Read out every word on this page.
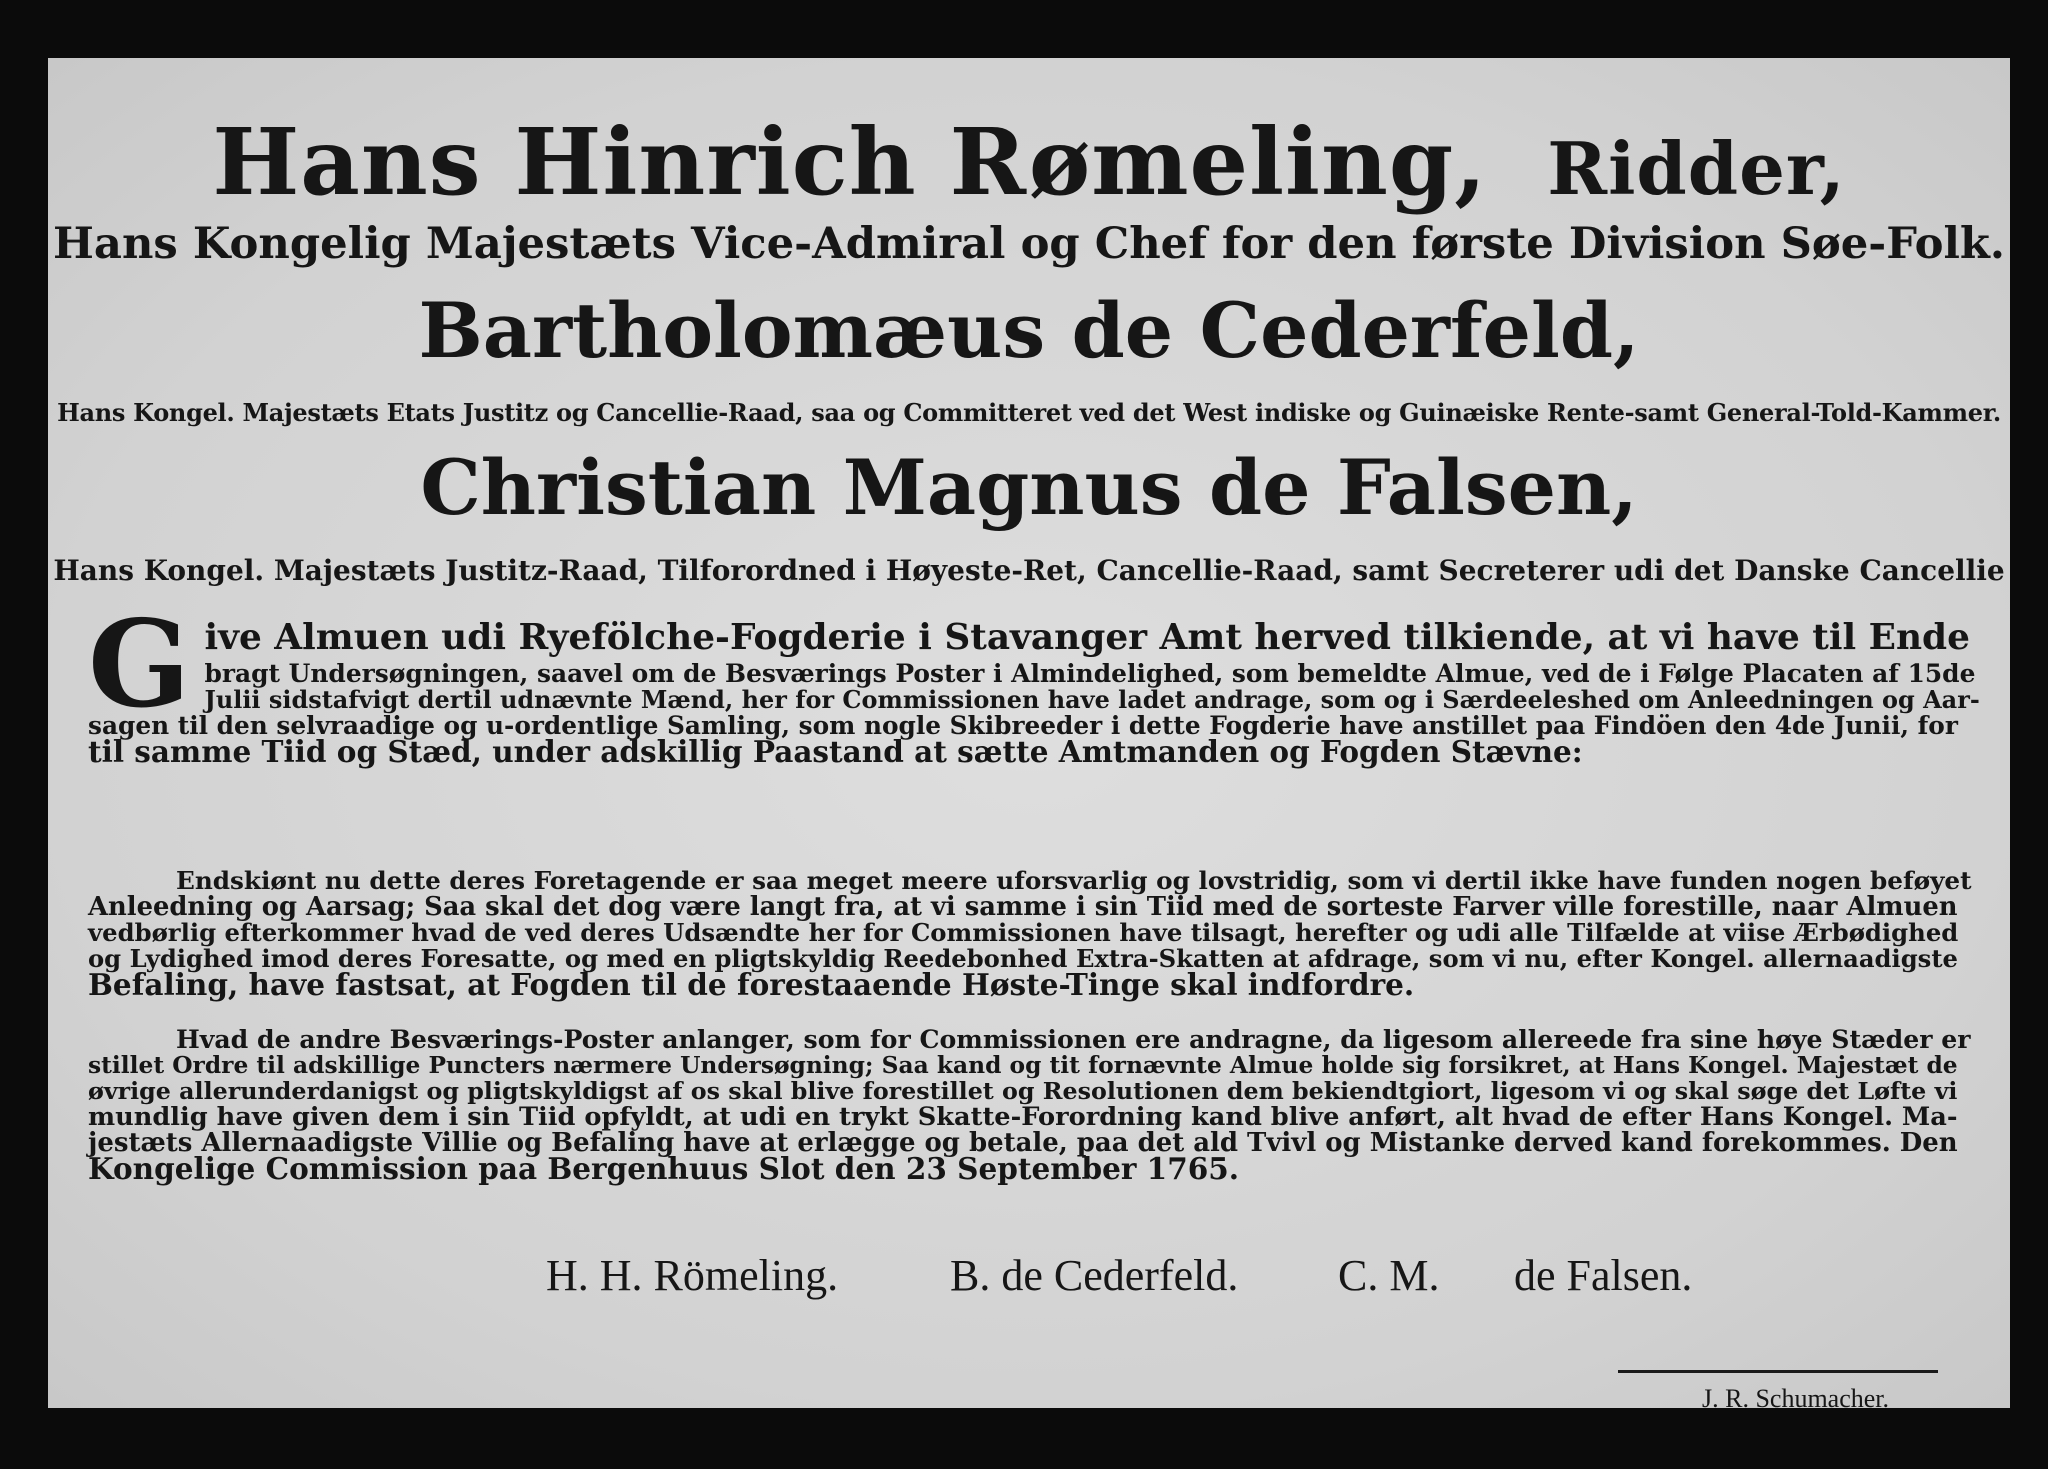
Hans Hinrich Rømeling, Ridder,
Hans Kongelig Majestæts Vice-Admiral og Chef for den første Division Søe-Folk.
Bartholomæus de Cederfeld,
Hans Kongel. Majestæts Etats Justitz og Cancellie-Raad, saa og Committeret ved det West indiske og Guinæiske Rente-samt General-Told-Kammer.
Christian Magnus de Falsen,
Hans Kongel. Majestæts Justitz-Raad, Tilforordned i Høyeste-Ret, Cancellie-Raad, samt Secreterer udi det Danske Cancellie
G ive Almuen udi Ryefölche-Fogderie i Stavanger Amt herved tilkiende, at vi have til Ende
bragt Undersøgningen, saavel om de Besværings Poster i Almindelighed, som bemeldte Almue, ved de i Følge Placaten af 15de
Julii sidstafvigt dertil udnævnte Mænd, her for Commissionen have ladet andrage, som og i Særdeeleshed om Anleedningen og Aar-
sagen til den selvraadige og u-ordentlige Samling, som nogle Skibreeder i dette Fogderie have anstillet paa Findöen den 4de Junii, for
til samme Tiid og Stæd, under adskillig Paastand at sætte Amtmanden og Fogden Stævne:
Endskiønt nu dette deres Foretagende er saa meget meere uforsvarlig og lovstridig, som vi dertil ikke have funden nogen beføyet
Anleedning og Aarsag; Saa skal det dog være langt fra, at vi samme i sin Tiid med de sorteste Farver ville forestille, naar Almuen
vedbørlig efterkommer hvad de ved deres Udsændte her for Commissionen have tilsagt, herefter og udi alle Tilfælde at viise Ærbødighed
og Lydighed imod deres Foresatte, og med en pligtskyldig Reedebonhed Extra-Skatten at afdrage, som vi nu, efter Kongel. allernaadigste
Befaling, have fastsat, at Fogden til de forestaaende Høste-Tinge skal indfordre.
Hvad de andre Besværings-Poster anlanger, som for Commissionen ere andragne, da ligesom allereede fra sine høye Stæder er
stillet Ordre til adskillige Puncters nærmere Undersøgning; Saa kand og tit fornævnte Almue holde sig forsikret, at Hans Kongel. Majestæt de
øvrige allerunderdanigst og pligtskyldigst af os skal blive forestillet og Resolutionen dem bekiendtgiort, ligesom vi og skal søge det Løfte vi
mundlig have given dem i sin Tiid opfyldt, at udi en trykt Skatte-Forordning kand blive anført, alt hvad de efter Hans Kongel. Ma-
jestæts Allernaadigste Villie og Befaling have at erlægge og betale, paa det ald Tvivl og Mistanke derved kand forekommes. Den
Kongelige Commission paa Bergenhuus Slot den 23 September 1765.
H. H. Römeling.	B. de Cederfeld. C. M. de Falsen.
J. R. Schumacher.
